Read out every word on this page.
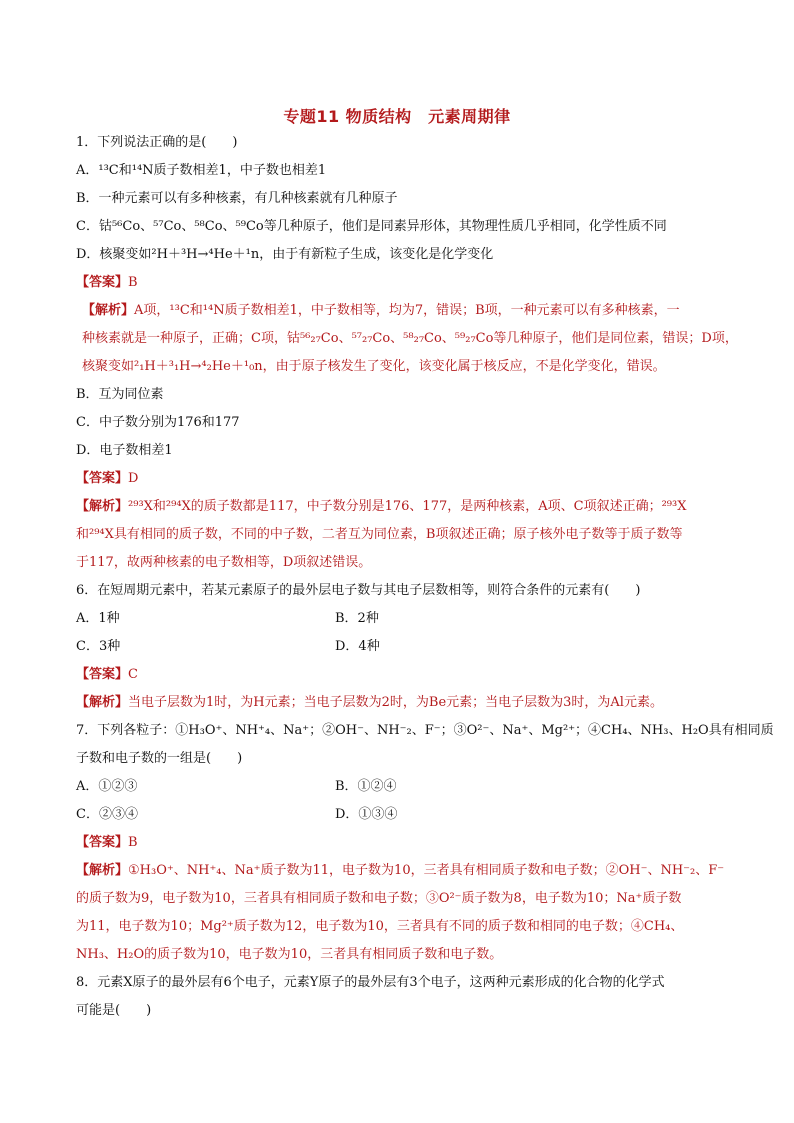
专题11 物质结构　元素周期律
1．下列说法正确的是(　　)
A．¹³C和¹⁴N质子数相差1，中子数也相差1
B．一种元素可以有多种核素，有几种核素就有几种原子
C．钴⁵⁶Co、⁵⁷Co、⁵⁸Co、⁵⁹Co等几种原子，他们是同素异形体，其物理性质几乎相同，化学性质不同
D．核聚变如²H＋³H→⁴He＋¹n，由于有新粒子生成，该变化是化学变化
【答案】B
【解析】A项，¹³C和¹⁴N质子数相差1，中子数相等，均为7，错误；B项，一种元素可以有多种核素，一
种核素就是一种原子，正确；C项，钴⁵⁶₂₇Co、⁵⁷₂₇Co、⁵⁸₂₇Co、⁵⁹₂₇Co等几种原子，他们是同位素，错误；D项，
核聚变如²₁H＋³₁H→⁴₂He＋¹₀n，由于原子核发生了变化，该变化属于核反应，不是化学变化，错误。
B．互为同位素
C．中子数分别为176和177
D．电子数相差1
【答案】D
【解析】²⁹³X和²⁹⁴X的质子数都是117，中子数分别是176、177，是两种核素，A项、C项叙述正确；²⁹³X
和²⁹⁴X具有相同的质子数，不同的中子数，二者互为同位素，B项叙述正确；原子核外电子数等于质子数等
于117，故两种核素的电子数相等，D项叙述错误。
6．在短周期元素中，若某元素原子的最外层电子数与其电子层数相等，则符合条件的元素有(　　)
A．1种	B．2种
C．3种	D．4种
【答案】C
【解析】当电子层数为1时，为H元素；当电子层数为2时，为Be元素；当电子层数为3时，为Al元素。
7．下列各粒子：①H₃O⁺、NH⁺₄、Na⁺；②OH⁻、NH⁻₂、F⁻；③O²⁻、Na⁺、Mg²⁺；④CH₄、NH₃、H₂O具有相同质
子数和电子数的一组是(　　)
A．①②③	B．①②④
C．②③④	D．①③④
【答案】B
【解析】①H₃O⁺、NH⁺₄、Na⁺质子数为11，电子数为10，三者具有相同质子数和电子数；②OH⁻、NH⁻₂、F⁻
的质子数为9，电子数为10，三者具有相同质子数和电子数；③O²⁻质子数为8，电子数为10；Na⁺质子数
为11，电子数为10；Mg²⁺质子数为12，电子数为10，三者具有不同的质子数和相同的电子数；④CH₄、
NH₃、H₂O的质子数为10，电子数为10，三者具有相同质子数和电子数。
8．元素X原子的最外层有6个电子，元素Y原子的最外层有3个电子，这两种元素形成的化合物的化学式
可能是(　　)
